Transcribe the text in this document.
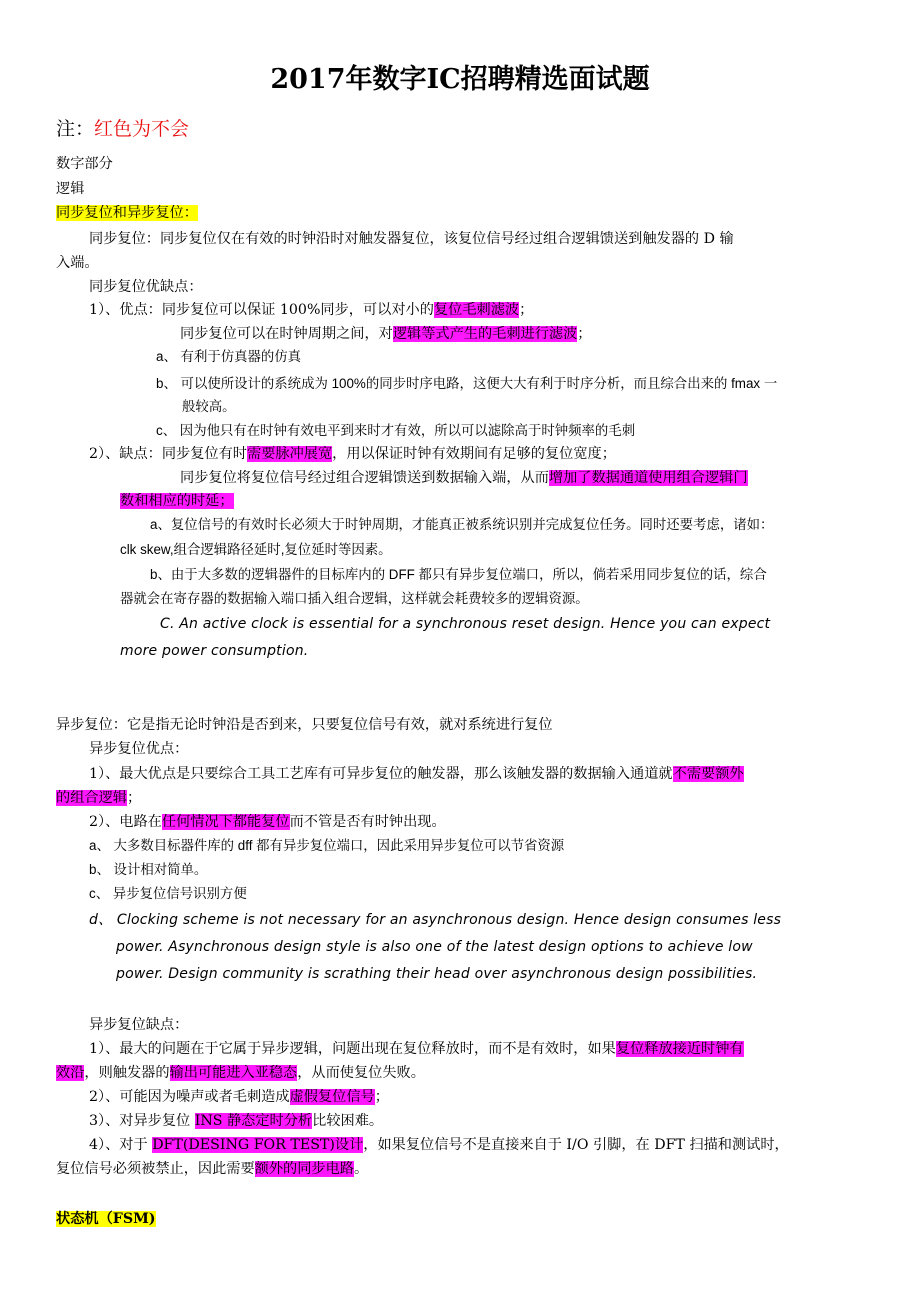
2017年数字IC招聘精选面试题

注：红色为不会

数字部分

逻辑

同步复位和异步复位：

同步复位：同步复位仅在有效的时钟沿时对触发器复位，该复位信号经过组合逻辑馈送到触发器的 D 输

入端。

同步复位优缺点：

1）、优点：同步复位可以保证 100%同步，可以对小的复位毛刺滤波；

同步复位可以在时钟周期之间，对逻辑等式产生的毛刺进行滤波；

a、 有利于仿真器的仿真

b、 可以使所设计的系统成为 100%的同步时序电路，这便大大有利于时序分析，而且综合出来的 fmax 一

般较高。

c、 因为他只有在时钟有效电平到来时才有效，所以可以滤除高于时钟频率的毛刺

2）、缺点：同步复位有时需要脉冲展宽，用以保证时钟有效期间有足够的复位宽度；

同步复位将复位信号经过组合逻辑馈送到数据输入端，从而增加了数据通道使用组合逻辑门

数和相应的时延；

a、复位信号的有效时长必须大于时钟周期，才能真正被系统识别并完成复位任务。同时还要考虑，诸如：

clk skew,组合逻辑路径延时,复位延时等因素。

b、由于大多数的逻辑器件的目标库内的 DFF 都只有异步复位端口，所以，倘若采用同步复位的话，综合

器就会在寄存器的数据输入端口插入组合逻辑，这样就会耗费较多的逻辑资源。

C. An active clock is essential for a synchronous reset design. Hence you can expect

more power consumption.

异步复位：它是指无论时钟沿是否到来，只要复位信号有效，就对系统进行复位

异步复位优点：

1）、最大优点是只要综合工具工艺库有可异步复位的触发器，那么该触发器的数据输入通道就不需要额外

的组合逻辑；

2）、电路在任何情况下都能复位而不管是否有时钟出现。

a、 大多数目标器件库的 dff 都有异步复位端口，因此采用异步复位可以节省资源

b、 设计相对简单。

c、 异步复位信号识别方便

d、 Clocking scheme is not necessary for an asynchronous design. Hence design consumes less

power. Asynchronous design style is also one of the latest design options to achieve low

power. Design community is scrathing their head over asynchronous design possibilities.

异步复位缺点：

1）、最大的问题在于它属于异步逻辑，问题出现在复位释放时，而不是有效时，如果复位释放接近时钟有

效沿，则触发器的输出可能进入亚稳态，从而使复位失败。

2）、可能因为噪声或者毛刺造成虚假复位信号；

3）、对异步复位 INS 静态定时分析比较困难。

4）、对于 DFT(DESING FOR TEST)设计，如果复位信号不是直接来自于 I/O 引脚，在 DFT 扫描和测试时，

复位信号必须被禁止，因此需要额外的同步电路。

状态机（FSM)
